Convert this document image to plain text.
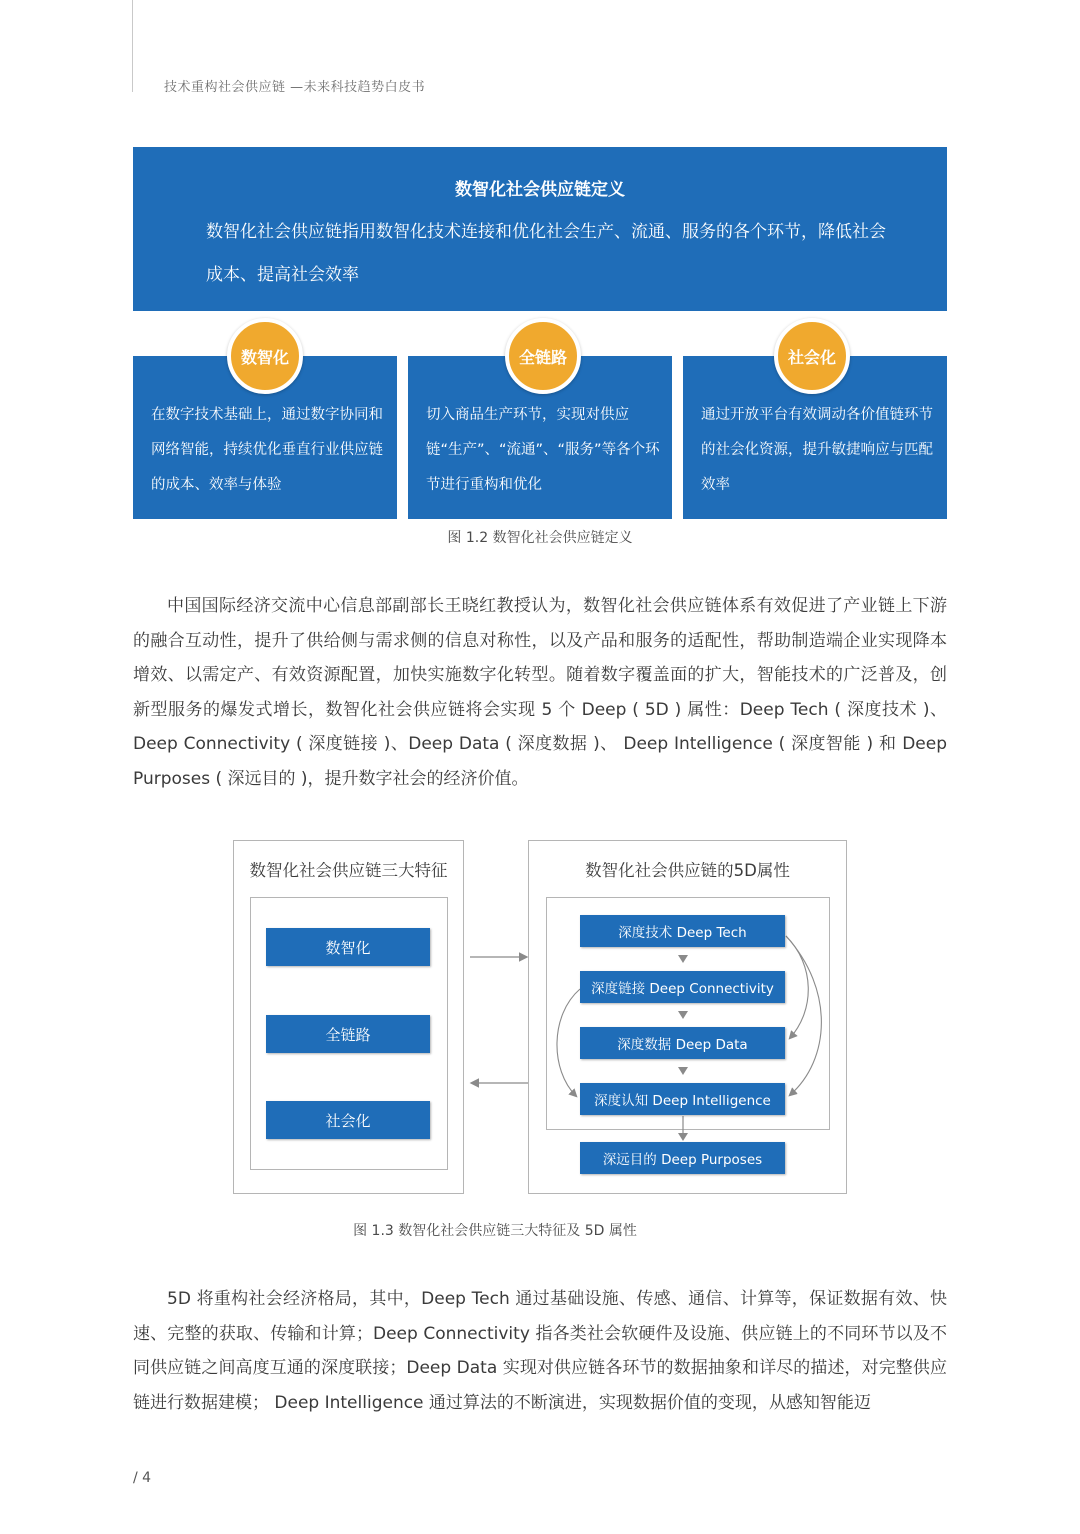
技术重构社会供应链 —未来科技趋势白皮书
数智化社会供应链定义
数智化社会供应链指用数智化技术连接和优化社会生产、流通、服务的各个环节，降低社会成本、提高社会效率
在数字技术基础上，通过数字协同和网络智能，持续优化垂直行业供应链的成本、效率与体验
切入商品生产环节，实现对供应链“生产”、“流通”、“服务”等各个环节进行重构和优化
通过开放平台有效调动各价值链环节的社会化资源，提升敏捷响应与匹配效率
数智化	全链路	社会化
图 1.2 数智化社会供应链定义

中国国际经济交流中心信息部副部长王晓红教授认为，数智化社会供应链体系有效促进了产业链上下游的融合互动性，提升了供给侧与需求侧的信息对称性，以及产品和服务的适配性，帮助制造端企业实现降本增效、以需定产、有效资源配置，加快实施数字化转型。随着数字覆盖面的扩大，智能技术的广泛普及，创新型服务的爆发式增长，数智化社会供应链将会实现 5 个 Deep ( 5D ) 属性：Deep Tech ( 深度技术 )、Deep Connectivity ( 深度链接 )、Deep Data ( 深度数据 )、 Deep Intelligence ( 深度智能 ) 和 Deep Purposes ( 深远目的 )，提升数字社会的经济价值。

数智化社会供应链三大特征
数智化
全链路
社会化
数智化社会供应链的5D属性
深度技术 Deep Tech
深度链接 Deep Connectivity
深度数据 Deep Data
深度认知 Deep Intelligence
深远目的 Deep Purposes
图 1.3 数智化社会供应链三大特征及 5D 属性

5D 将重构社会经济格局，其中，Deep Tech 通过基础设施、传感、通信、计算等，保证数据有效、快速、完整的获取、传输和计算；Deep Connectivity 指各类社会软硬件及设施、供应链上的不同环节以及不同供应链之间高度互通的深度联接；Deep Data 实现对供应链各环节的数据抽象和详尽的描述，对完整供应链进行数据建模； Deep Intelligence 通过算法的不断演进，实现数据价值的变现，从感知智能迈

/ 4
